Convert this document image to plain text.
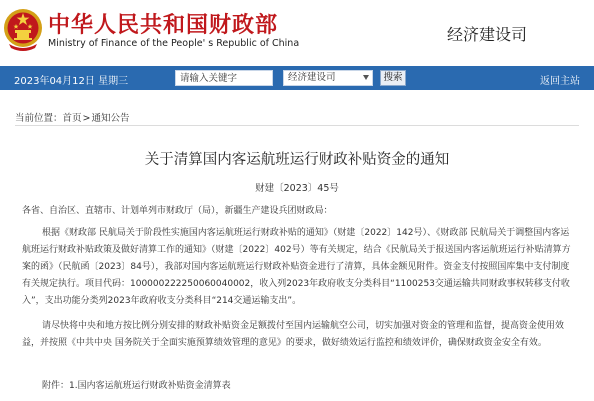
中华人民共和国财政部
Ministry of Finance of the People' s Republic of China	经济建设司
2023年04月12日 星期三
请输入关键字	经济建设司	搜索	返回主站
当前位置：首页>通知公告
关于清算国内客运航班运行财政补贴资金的通知
财建〔2023〕45号
各省、自治区、直辖市、计划单列市财政厅（局），新疆生产建设兵团财政局：
根据《财政部 民航局关于阶段性实施国内客运航班运行财政补贴的通知》（财建〔2022〕142号）、《财政部 民航局关于调整国内客运航班运行财政补贴政策及做好清算工作的通知》（财建〔2022〕402号）等有关规定，结合《民航局关于报送国内客运航班运行补贴清算方案的函》（民航函〔2023〕84号），我部对国内客运航班运行财政补贴资金进行了清算，具体金额见附件。资金支付按照国库集中支付制度有关规定执行。项目代码：100000222250060040002，收入列2023年政府收支分类科目“1100253交通运输共同财政事权转移支付收入”，支出功能分类列2023年政府收支分类科目“214交通运输支出”。
请尽快将中央和地方按比例分别安排的财政补贴资金足额拨付至国内运输航空公司，切实加强对资金的管理和监督，提高资金使用效益，并按照《中共中央 国务院关于全面实施预算绩效管理的意见》的要求，做好绩效运行监控和绩效评价，确保财政资金安全有效。
附件：1.国内客运航班运行财政补贴资金清算表
